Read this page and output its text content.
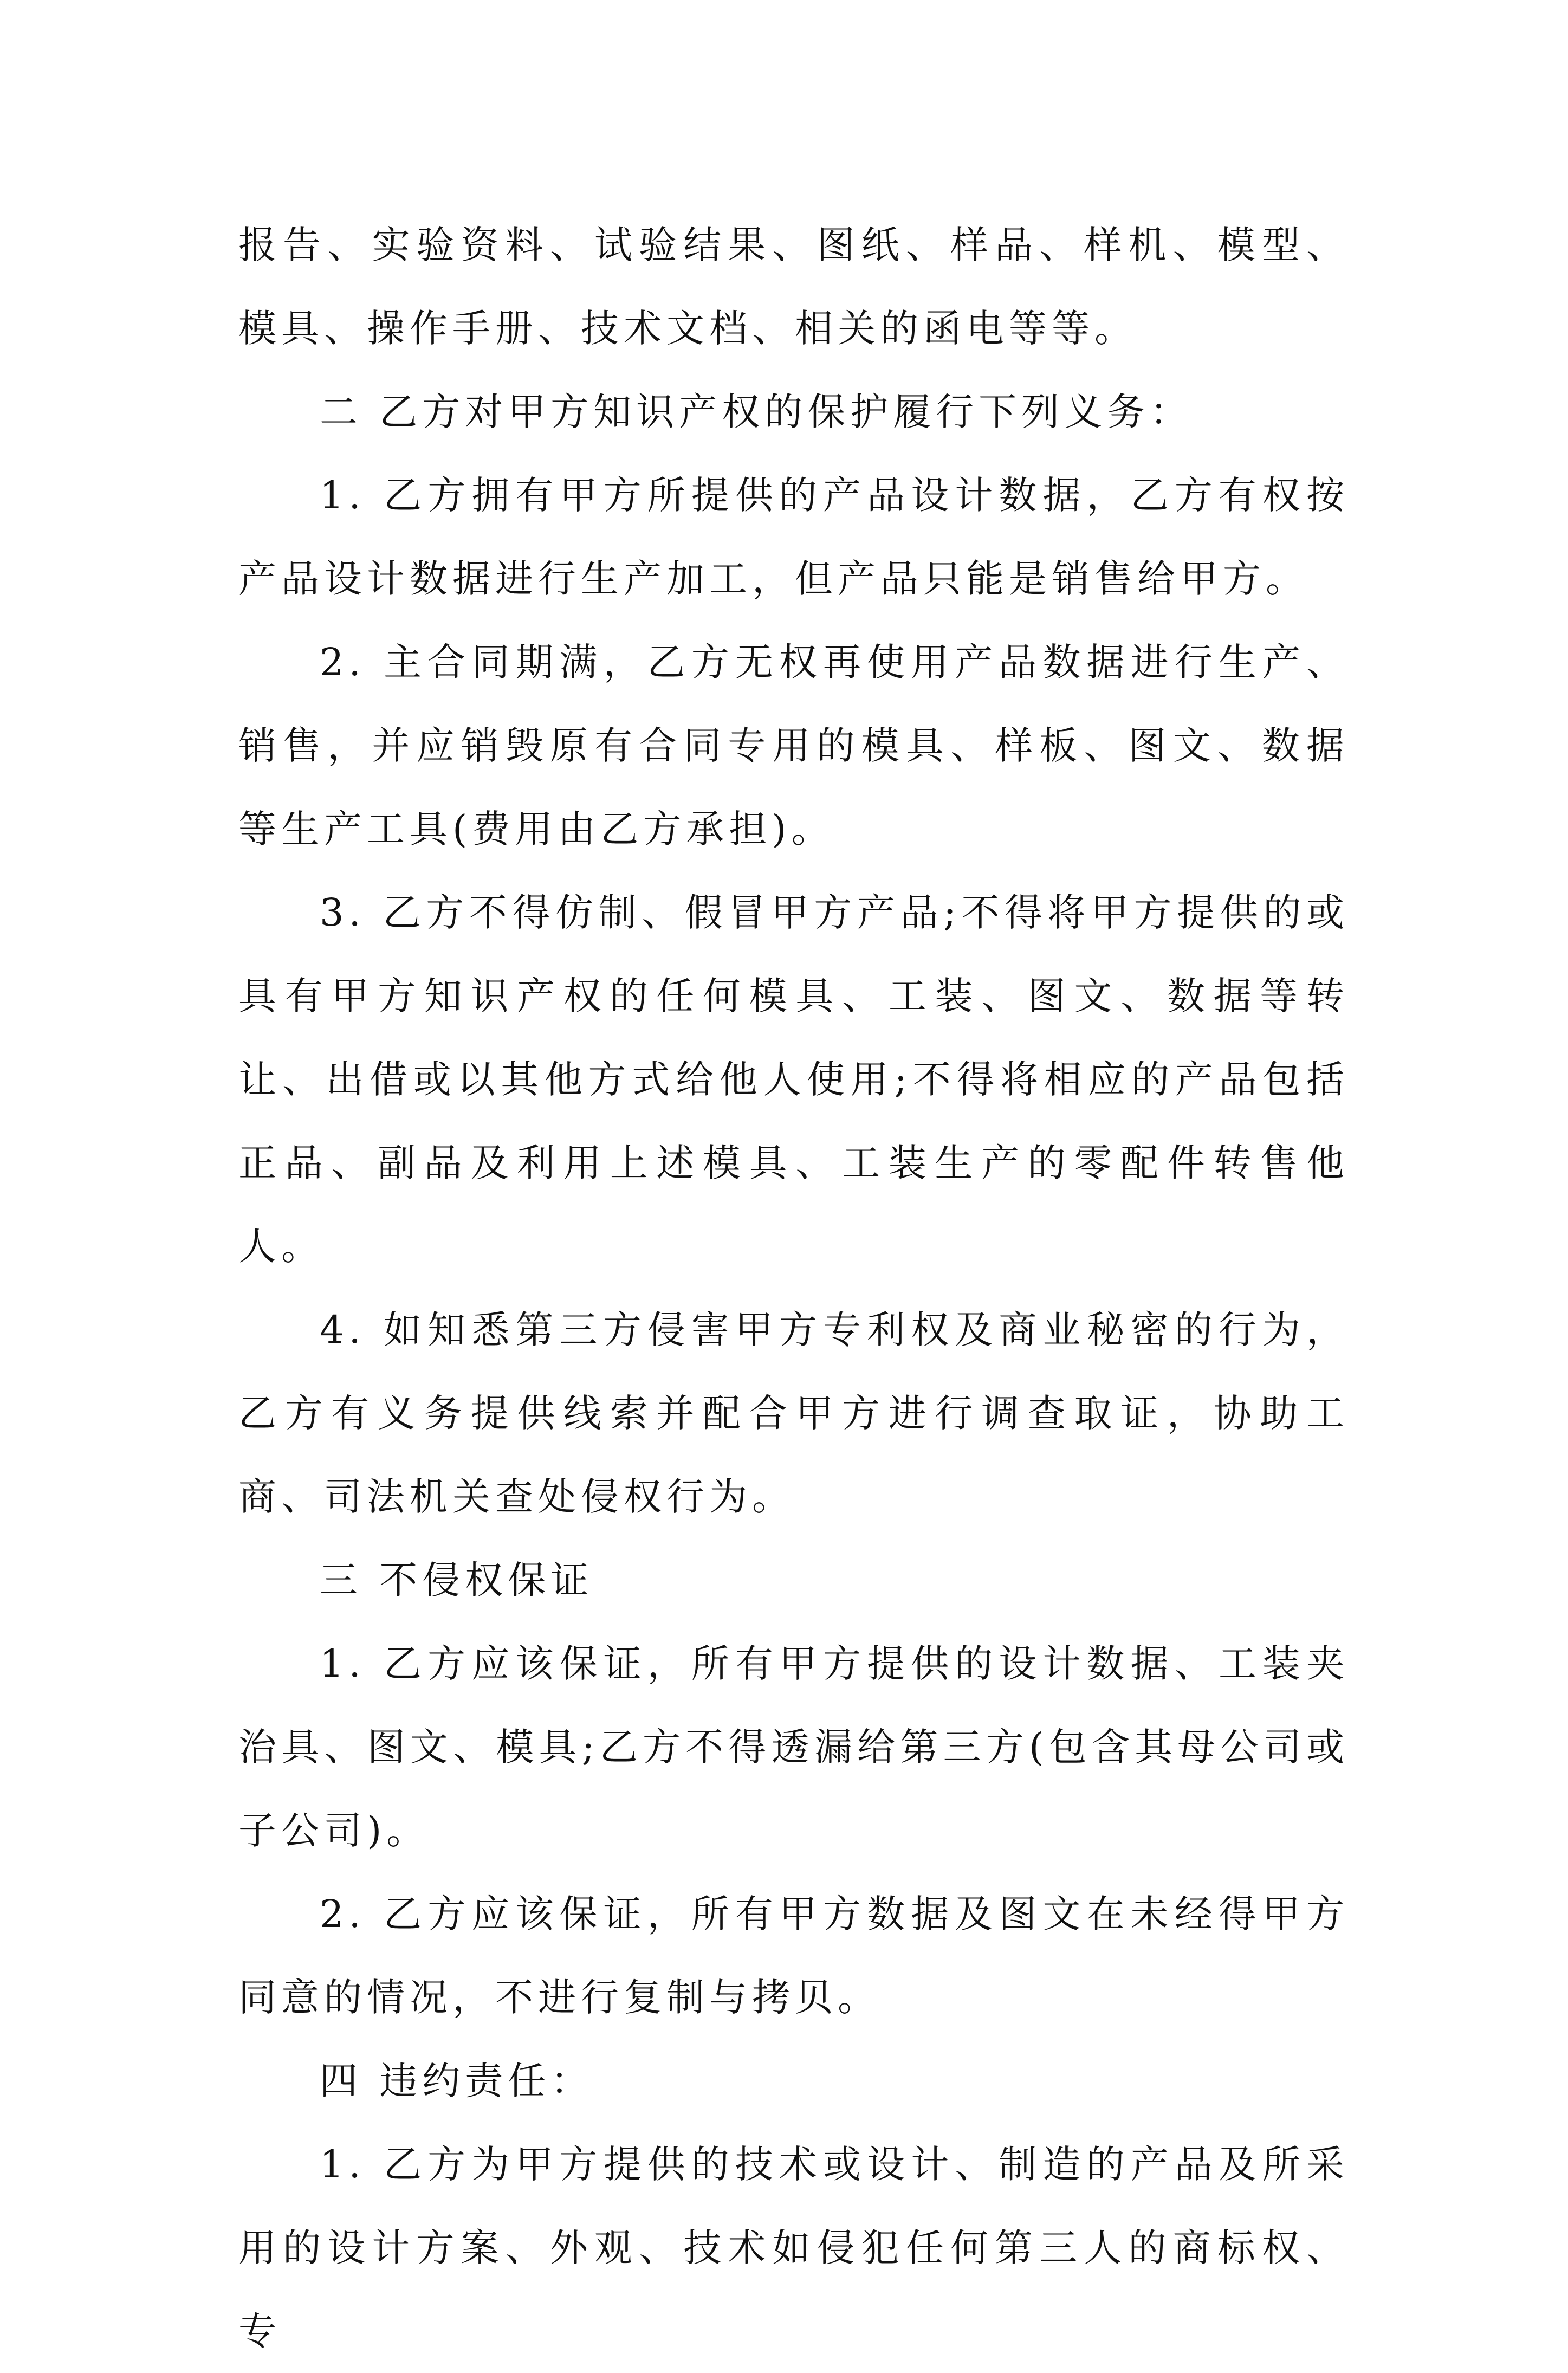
报告、实验资料、试验结果、图纸、样品、样机、模型、模具、操作手册、技术文档、相关的函电等等。

二 乙方对甲方知识产权的保护履行下列义务：

1. 乙方拥有甲方所提供的产品设计数据，乙方有权按产品设计数据进行生产加工，但产品只能是销售给甲方。

2. 主合同期满，乙方无权再使用产品数据进行生产、销售，并应销毁原有合同专用的模具、样板、图文、数据等生产工具(费用由乙方承担)。

3. 乙方不得仿制、假冒甲方产品;不得将甲方提供的或具有甲方知识产权的任何模具、工装、图文、数据等转让、出借或以其他方式给他人使用;不得将相应的产品包括正品、副品及利用上述模具、工装生产的零配件转售他人。

4. 如知悉第三方侵害甲方专利权及商业秘密的行为，乙方有义务提供线索并配合甲方进行调查取证，协助工商、司法机关查处侵权行为。

三 不侵权保证

1. 乙方应该保证，所有甲方提供的设计数据、工装夹治具、图文、模具;乙方不得透漏给第三方(包含其母公司或子公司)。

2. 乙方应该保证，所有甲方数据及图文在未经得甲方同意的情况，不进行复制与拷贝。

四 违约责任：

1. 乙方为甲方提供的技术或设计、制造的产品及所采用的设计方案、外观、技术如侵犯任何第三人的商标权、专
